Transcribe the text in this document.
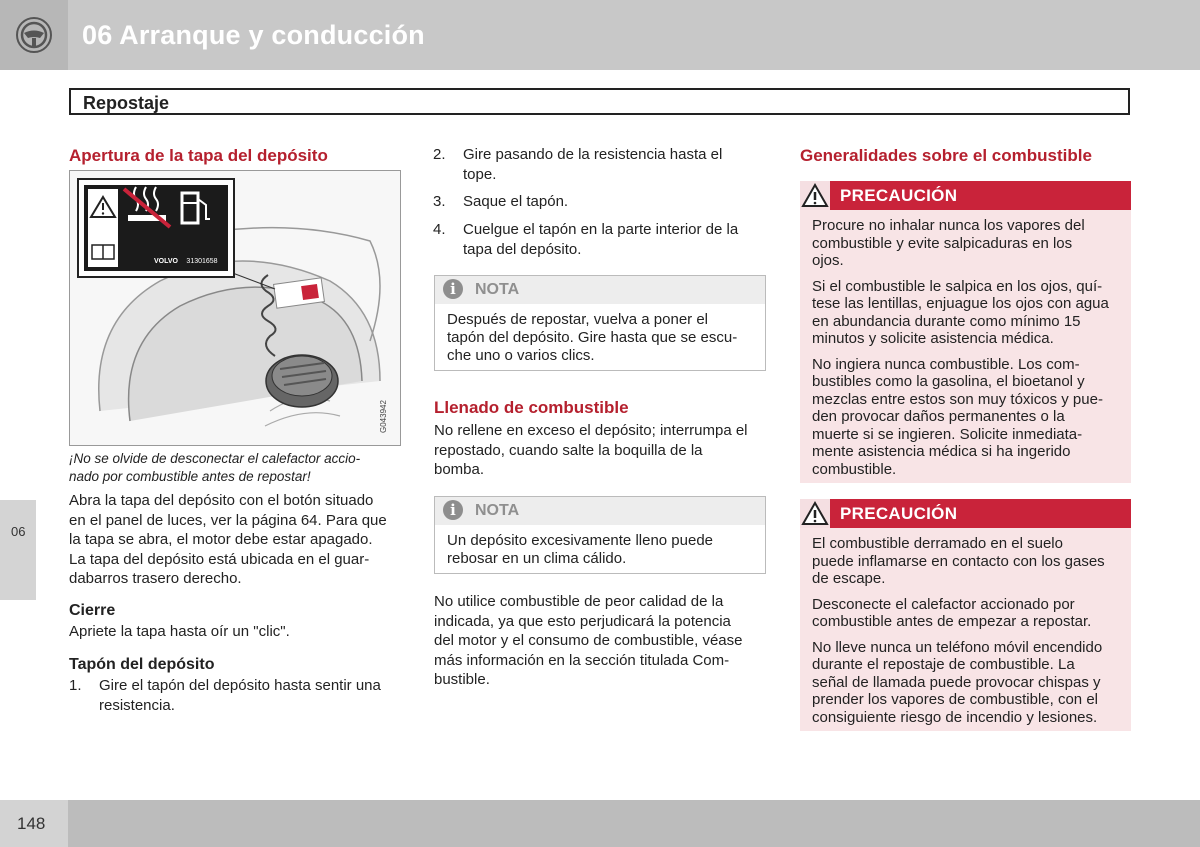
06 Arranque y conducción
Repostaje
06
Apertura de la tapa del depósito
VOLVO 31301658
G043942
¡No se olvide de desconectar el calefactor accio-
nado por combustible antes de repostar!
Abra la tapa del depósito con el botón situado
en el panel de luces, ver la página 64. Para que
la tapa se abra, el motor debe estar apagado.
La tapa del depósito está ubicada en el guar-
dabarros trasero derecho.
Cierre
Apriete la tapa hasta oír un "clic".
Tapón del depósito
1. Gire el tapón del depósito hasta sentir una
resistencia.
2. Gire pasando de la resistencia hasta el
tope.
3. Saque el tapón.
4. Cuelgue el tapón en la parte interior de la
tapa del depósito.
i	NOTA
Después de repostar, vuelva a poner el
tapón del depósito. Gire hasta que se escu-
che uno o varios clics.
Llenado de combustible
No rellene en exceso el depósito; interrumpa el
repostado, cuando salte la boquilla de la
bomba.
i	NOTA
Un depósito excesivamente lleno puede
rebosar en un clima cálido.
No utilice combustible de peor calidad de la
indicada, ya que esto perjudicará la potencia
del motor y el consumo de combustible, véase
más información en la sección titulada Com-
bustible.
Generalidades sobre el combustible
PRECAUCIÓN
Procure no inhalar nunca los vapores del
combustible y evite salpicaduras en los
ojos.
Si el combustible le salpica en los ojos, quí-
tese las lentillas, enjuague los ojos con agua
en abundancia durante como mínimo 15
minutos y solicite asistencia médica.
No ingiera nunca combustible. Los com-
bustibles como la gasolina, el bioetanol y
mezclas entre estos son muy tóxicos y pue-
den provocar daños permanentes o la
muerte si se ingieren. Solicite inmediata-
mente asistencia médica si ha ingerido
combustible.
PRECAUCIÓN
El combustible derramado en el suelo
puede inflamarse en contacto con los gases
de escape.
Desconecte el calefactor accionado por
combustible antes de empezar a repostar.
No lleve nunca un teléfono móvil encendido
durante el repostaje de combustible. La
señal de llamada puede provocar chispas y
prender los vapores de combustible, con el
consiguiente riesgo de incendio y lesiones.
148
